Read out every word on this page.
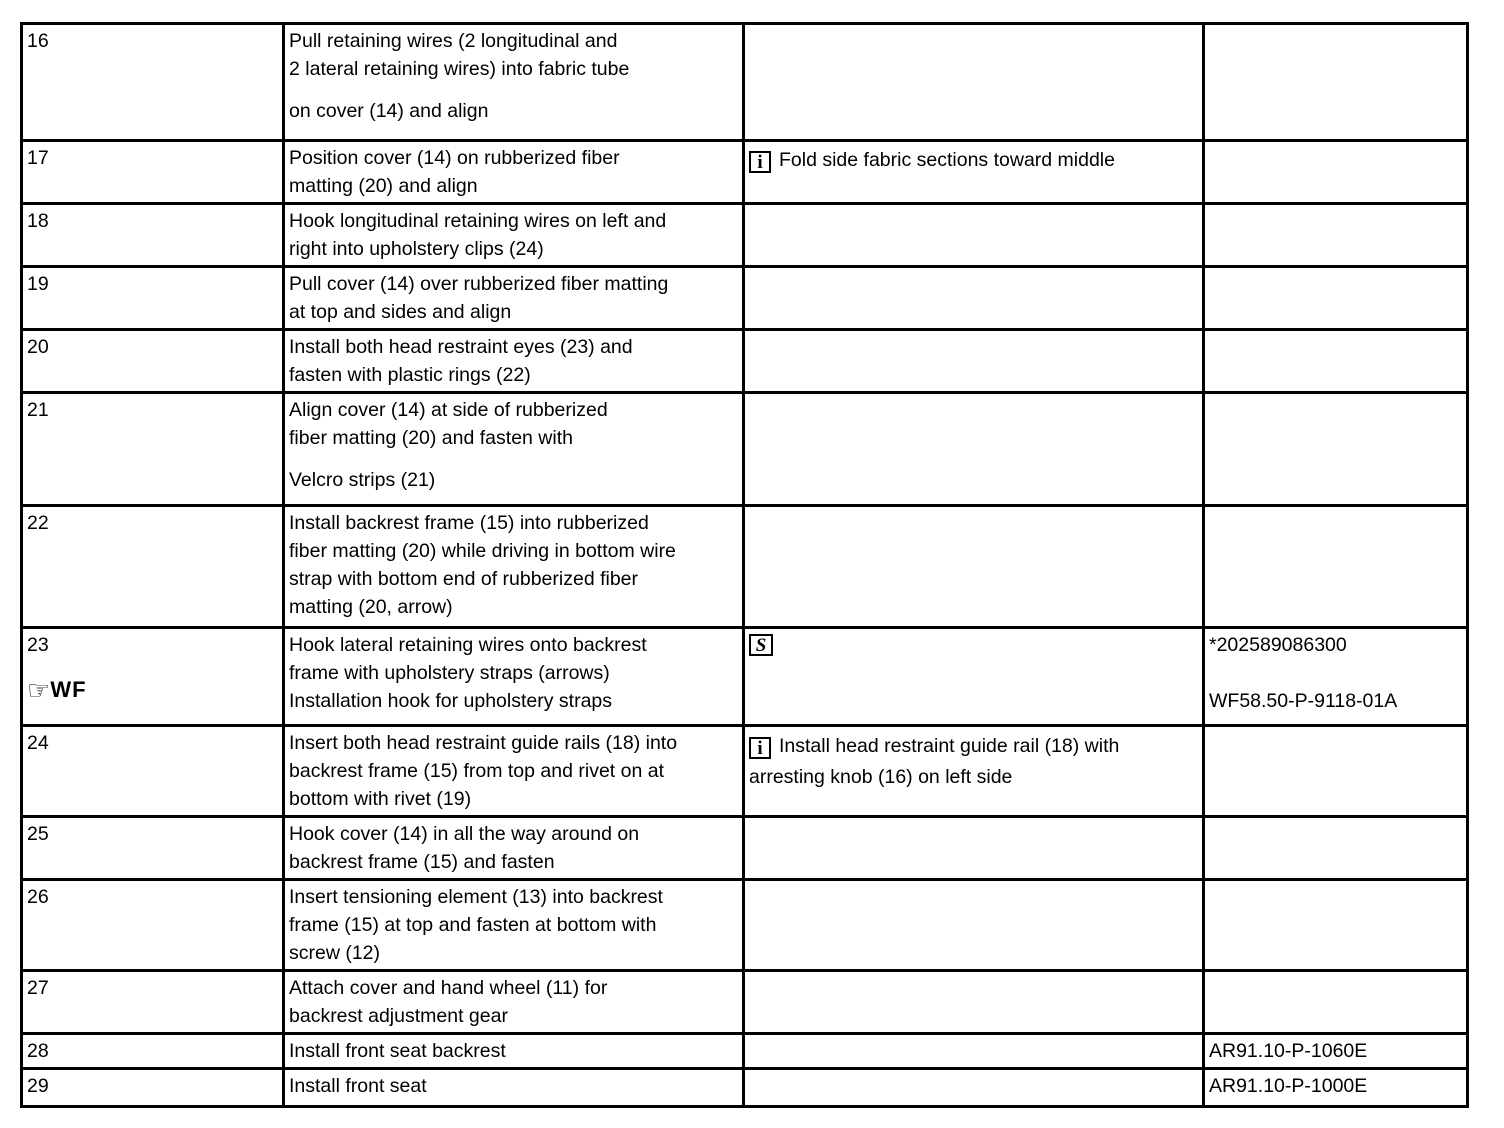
16	Pull retaining wires (2 longitudinal and
2 lateral retaining wires) into fabric tube
on cover (14) and align		
17	Position cover (14) on rubberized fiber
matting (20) and align	i Fold side fabric sections toward middle	
18	Hook longitudinal retaining wires on left and
right into upholstery clips (24)		
19	Pull cover (14) over rubberized fiber matting
at top and sides and align		
20	Install both head restraint eyes (23) and
fasten with plastic rings (22)		
21	Align cover (14) at side of rubberized
fiber matting (20) and fasten with
Velcro strips (21)		
22	Install backrest frame (15) into rubberized
fiber matting (20) while driving in bottom wire
strap with bottom end of rubberized fiber
matting (20, arrow)		
23
☞WF	Hook lateral retaining wires onto backrest
frame with upholstery straps (arrows)
Installation hook for upholstery straps	S	*202589086300
WF58.50-P-9118-01A
24	Insert both head restraint guide rails (18) into
backrest frame (15) from top and rivet on at
bottom with rivet (19)	i Install head restraint guide rail (18) with
arresting knob (16) on left side	
25	Hook cover (14) in all the way around on
backrest frame (15) and fasten		
26	Insert tensioning element (13) into backrest
frame (15) at top and fasten at bottom with
screw (12)		
27	Attach cover and hand wheel (11) for
backrest adjustment gear		
28	Install front seat backrest		AR91.10-P-1060E
29	Install front seat		AR91.10-P-1000E
